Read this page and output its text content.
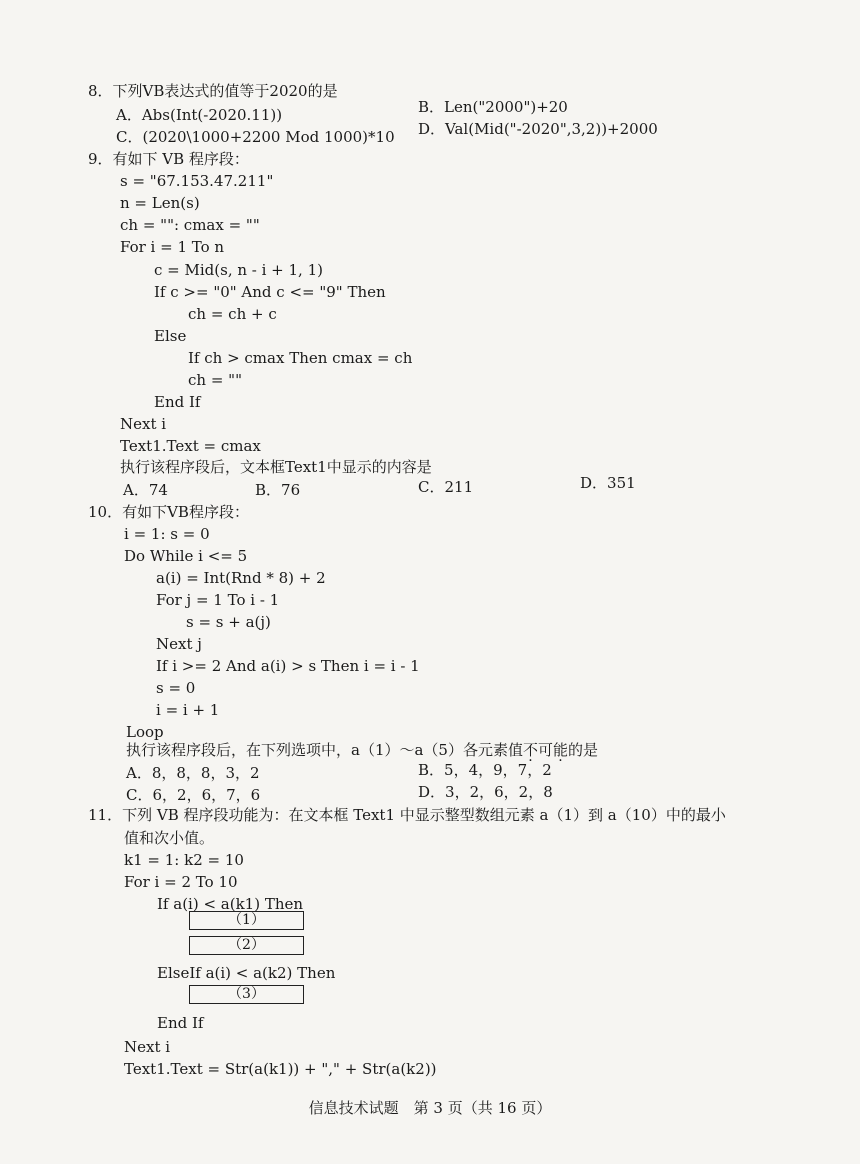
8．下列VB表达式的值等于2020的是
A．Abs(Int(-2020.11))	B．Len("2000")+20
C．(2020\1000+2200 Mod 1000)*10 D．Val(Mid("-2020",3,2))+2000
9．有如下 VB 程序段：
s = "67.153.47.211"
n = Len(s)
ch = "": cmax = ""
For i = 1 To n
c = Mid(s, n - i + 1, 1)
If c >= "0" And c <= "9" Then
ch = ch + c
Else
If ch > cmax Then cmax = ch
ch = ""
End If
Next i
Text1.Text = cmax
执行该程序段后，文本框Text1中显示的内容是
A．74	B．76	C．211	D．351
10．有如下VB程序段：
i = 1: s = 0
Do While i <= 5
a(i) = Int(Rnd * 8) + 2
For j = 1 To i - 1
s = s + a(j)
Next j
If i >= 2 And a(i) > s Then i = i - 1
s = 0
i = i + 1
Loop
执行该程序段后，在下列选项中，a（1）～a（5）各元素值不可能的是
A．8，8，8，3，2	B．5，4，9，7，2
C．6，2，6，7，6	D．3，2，6，2，8
11．下列 VB 程序段功能为：在文本框 Text1 中显示整型数组元素 a（1）到 a（10）中的最小
值和次小值。
k1 = 1: k2 = 10
For i = 2 To 10
If a(i) < a(k1) Then
（1）
（2）
ElseIf a(i) < a(k2) Then
（3）
End If
Next i
Text1.Text = Str(a(k1)) + "," + Str(a(k2))
信息技术试题　第 3 页（共 16 页）
